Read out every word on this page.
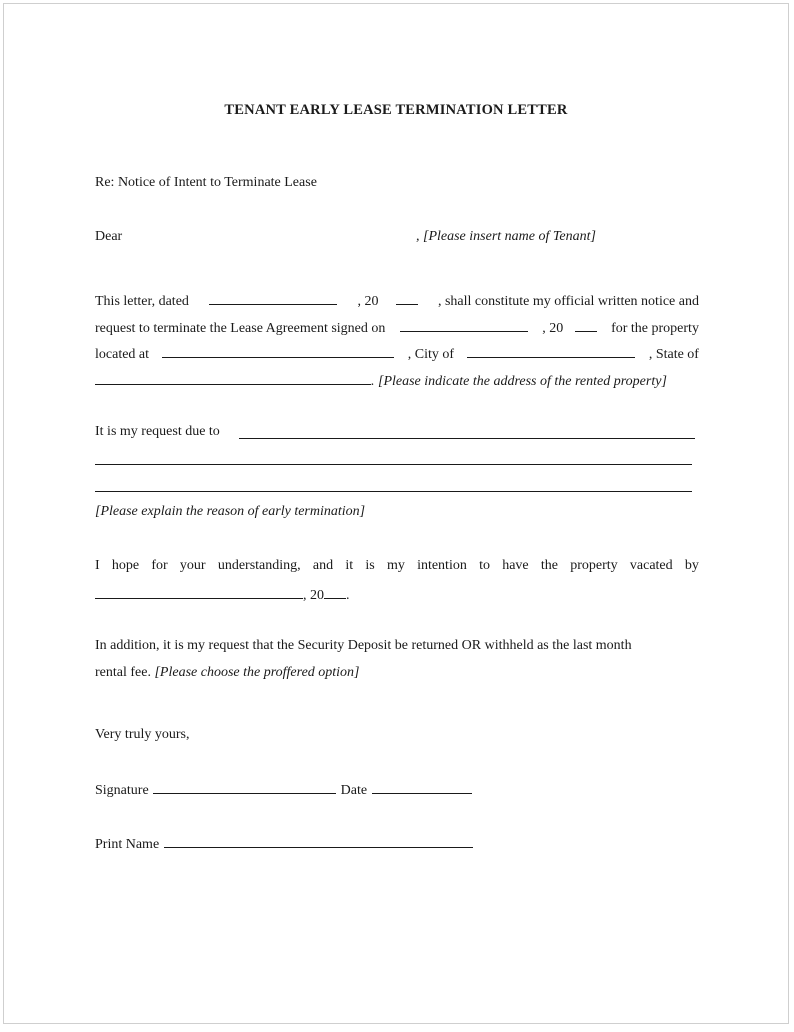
TENANT EARLY LEASE TERMINATION LETTER
Re: Notice of Intent to Terminate Lease
Dear	, [Please insert name of Tenant]
This letter, dated	, 20	, shall constitute my official written notice and
request to terminate the Lease Agreement signed on	, 20	for the property
located at	, City of	, State of
. [Please indicate the address of the rented property]
It is my request due to
[Please explain the reason of early termination]
I hope for your understanding, and it is my intention to have the property vacated by
, 20 .
In addition, it is my request that the Security Deposit be returned OR withheld as the last month
rental fee. [Please choose the proffered option]
Very truly yours,
Signature	Date
Print Name
